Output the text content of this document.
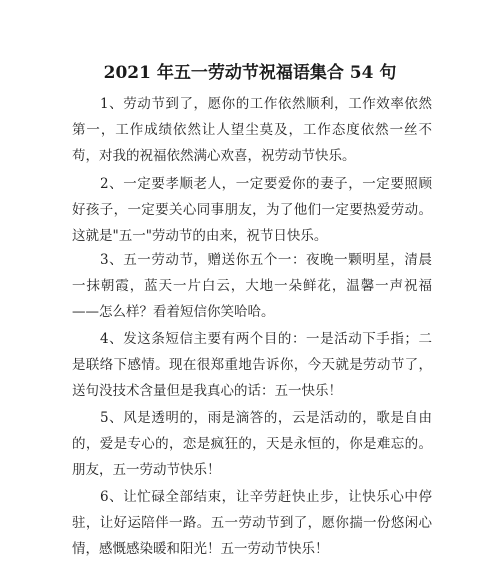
2021 年五一劳动节祝福语集合 54 句

1、劳动节到了，愿你的工作依然顺利，工作效率依然第一，工作成绩依然让人望尘莫及，工作态度依然一丝不苟，对我的祝福依然满心欢喜，祝劳动节快乐。

2、一定要孝顺老人，一定要爱你的妻子，一定要照顾好孩子，一定要关心同事朋友，为了他们一定要热爱劳动。这就是"五一"劳动节的由来，祝节日快乐。

3、五一劳动节，赠送你五个一：夜晚一颗明星，清晨一抹朝霞，蓝天一片白云，大地一朵鲜花，温馨一声祝福——怎么样？看着短信你笑哈哈。

4、发这条短信主要有两个目的：一是活动下手指；二是联络下感情。现在很郑重地告诉你，今天就是劳动节了，送句没技术含量但是我真心的话：五一快乐！

5、风是透明的，雨是滴答的，云是活动的，歌是自由的，爱是专心的，恋是疯狂的，天是永恒的，你是难忘的。朋友，五一劳动节快乐！

6、让忙碌全部结束，让辛劳赶快止步，让快乐心中停驻，让好运陪伴一路。五一劳动节到了，愿你揣一份悠闲心情，感慨感染暖和阳光！五一劳动节快乐！
